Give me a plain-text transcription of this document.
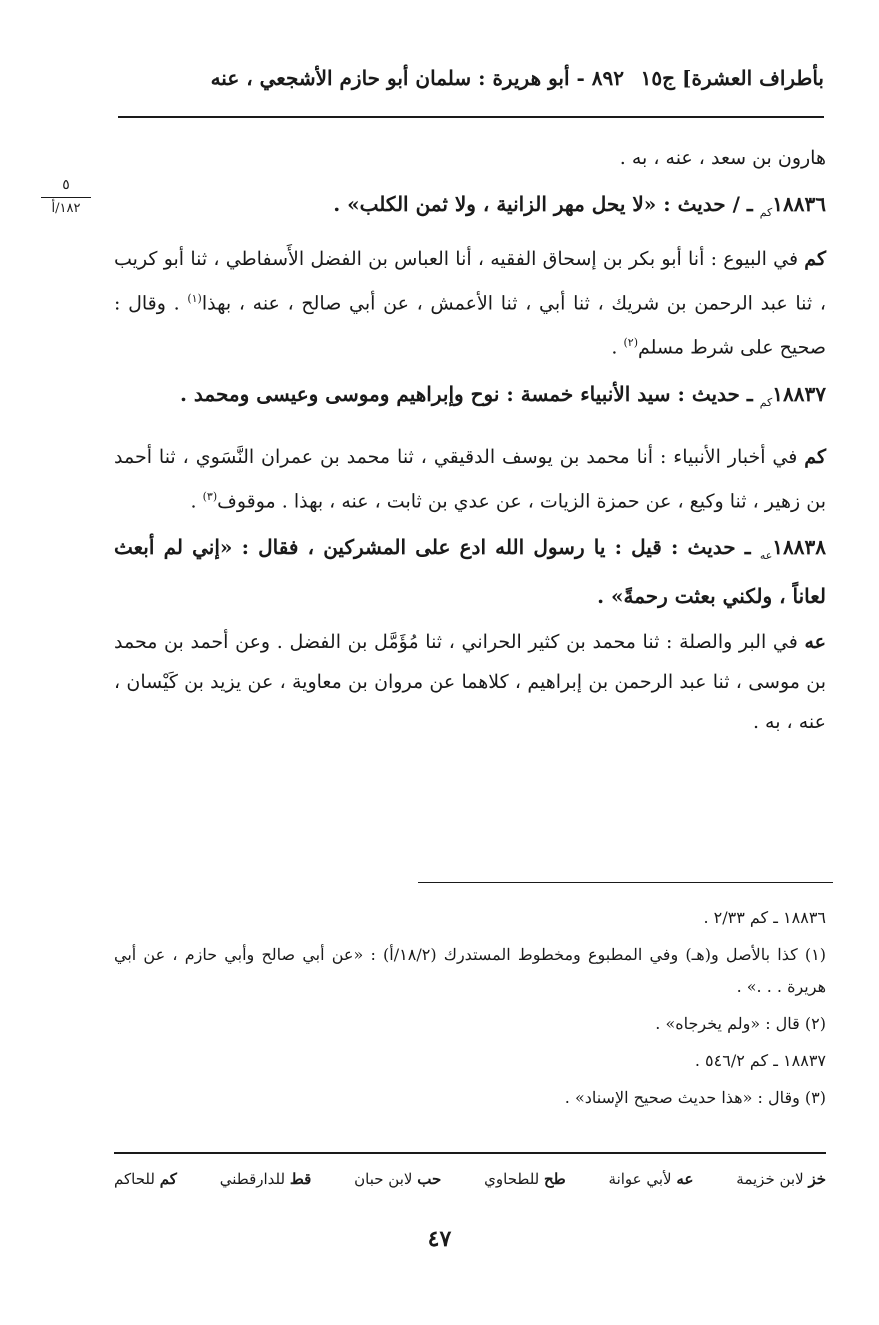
بأطراف العشرة] ج١٥
٨٩٢ - أبو هريرة : سلمان أبو حازم الأشجعي ، عنه
٥
١٨٢/أ

هارون بن سعد ، عنه ، به .

$١٨٨٣٦_{كم}$ ـ / حديث : «لا يحل مهر الزانية ، ولا ثمن الكلب» .

كم في البيوع : أنا أبو بكر بن إسحاق الفقيه ، أنا العباس بن الفضل الأَسفاطي ، ثنا أبو كريب ، ثنا عبد الرحمن بن شريك ، ثنا أبي ، ثنا الأعمش ، عن أبي صالح ، عنه ، بهذا$^{(١)}$ . وقال : صحيح على شرط مسلم$^{(٢)}$ .

$١٨٨٣٧_{كم}$ ـ حديث : سيد الأنبياء خمسة : نوح وإبراهيم وموسى وعيسى ومحمد .

كم في أخبار الأنبياء : أنا محمد بن يوسف الدقيقي ، ثنا محمد بن عمران النَّسَوي ، ثنا أحمد بن زهير ، ثنا وكيع ، عن حمزة الزيات ، عن عدي بن ثابت ، عنه ، بهذا . موقوف$^{(٣)}$ .

$١٨٨٣٨_{عه}$ ـ حديث : قيل : يا رسول الله ادع على المشركين ، فقال : «إني لم أبعث لعاناً ، ولكني بعثت رحمةً» .

عه في البر والصلة : ثنا محمد بن كثير الحراني ، ثنا مُؤَمَّل بن الفضل . وعن أحمد بن محمد بن موسى ، ثنا عبد الرحمن بن إبراهيم ، كلاهما عن مروان بن معاوية ، عن يزيد بن كَيْسان ، عنه ، به .

١٨٨٣٦ ـ كم ٢/٣٣ .

(١) كذا بالأصل و(هـ) وفي المطبوع ومخطوط المستدرك (١٨/٢/أ) : «عن أبي صالح وأبي حازم ، عن أبي هريرة . . .» .

(٢) قال : «ولم يخرجاه» .

١٨٨٣٧ ـ كم ٥٤٦/٢ .

(٣) وقال : «هذا حديث صحيح الإسناد» .

خز لابن خزيمة
عه لأبي عوانة
طح للطحاوي
حب لابن حبان
قط للدارقطني
كم للحاكم
٤٧
